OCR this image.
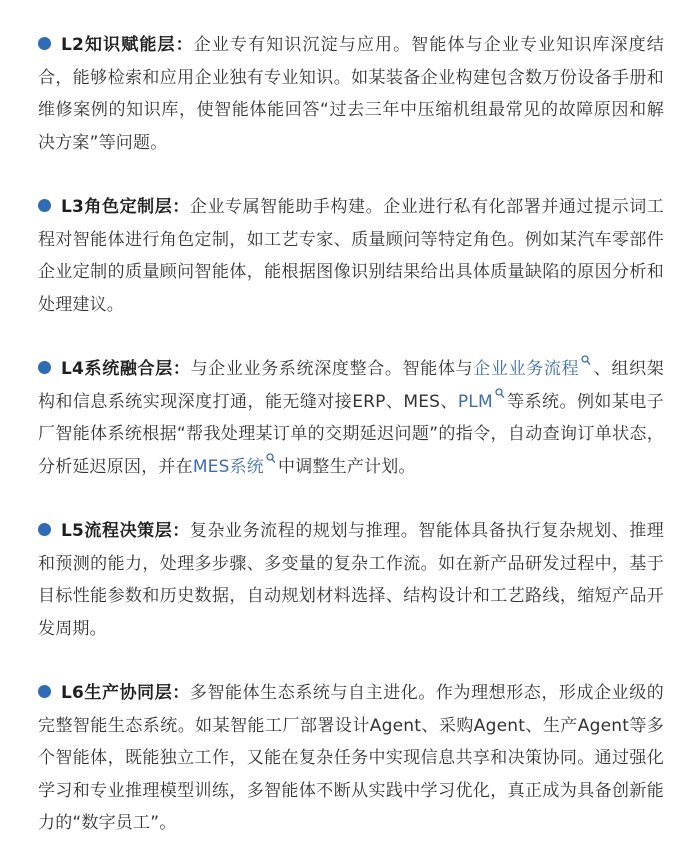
L2知识赋能层：企业专有知识沉淀与应用。智能体与企业专业知识库深度结合，能够检索和应用企业独有专业知识。如某装备企业构建包含数万份设备手册和维修案例的知识库，使智能体能回答“过去三年中压缩机组最常见的故障原因和解决方案”等问题。
L3角色定制层：企业专属智能助手构建。企业进行私有化部署并通过提示词工程对智能体进行角色定制，如工艺专家、质量顾问等特定角色。例如某汽车零部件企业定制的质量顾问智能体，能根据图像识别结果给出具体质量缺陷的原因分析和处理建议。
L4系统融合层：与企业业务系统深度整合。智能体与企业业务流程 、组织架构和信息系统实现深度打通，能无缝对接ERP、MES、PLM 等系统。例如某电子厂智能体系统根据“帮我处理某订单的交期延迟问题”的指令，自动查询订单状态，分析延迟原因，并在MES系统 中调整生产计划。
L5流程决策层：复杂业务流程的规划与推理。智能体具备执行复杂规划、推理和预测的能力，处理多步骤、多变量的复杂工作流。如在新产品研发过程中，基于目标性能参数和历史数据，自动规划材料选择、结构设计和工艺路线，缩短产品开发周期。
L6生产协同层：多智能体生态系统与自主进化。作为理想形态，形成企业级的完整智能生态系统。如某智能工厂部署设计Agent、采购Agent、生产Agent等多个智能体，既能独立工作，又能在复杂任务中实现信息共享和决策协同。通过强化学习和专业推理模型训练，多智能体不断从实践中学习优化，真正成为具备创新能力的“数字员工”。
